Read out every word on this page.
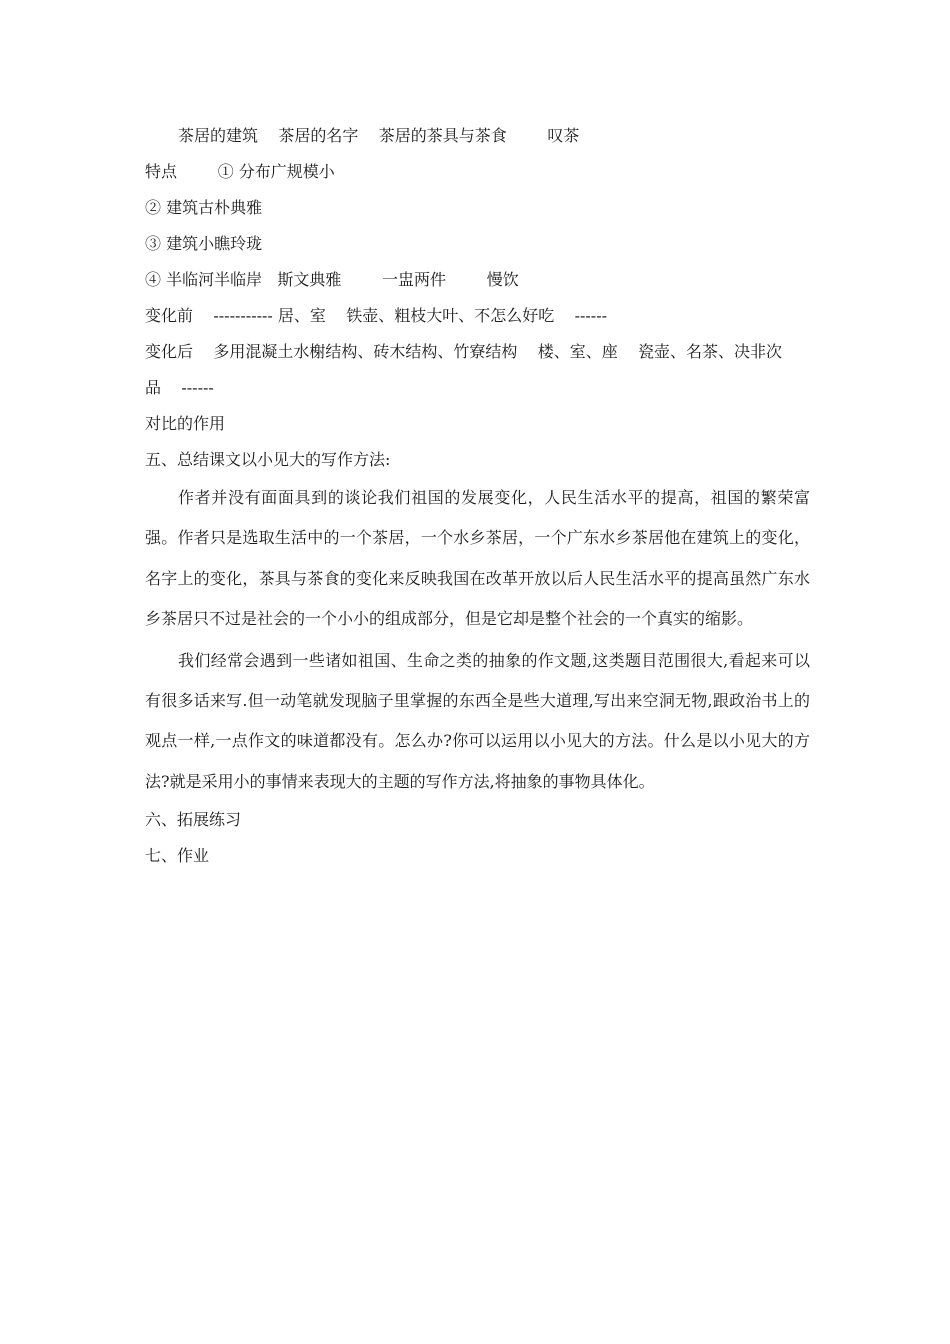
茶居的建筑    茶居的名字    茶居的茶具与茶食        叹茶
特点        ① 分布广规模小
② 建筑古朴典雅
③ 建筑小瞧玲珑
④ 半临河半临岸   斯文典雅        一盅两件        慢饮
变化前    ----------- 居、室    铁壶、粗枝大叶、不怎么好吃    ------
变化后    多用混凝土水榭结构、砖木结构、竹寮结构    楼、室、座    瓷壶、名茶、决非次
品    ------
对比的作用
五、总结课文以小见大的写作方法:

作者并没有面面具到的谈论我们祖国的发展变化，人民生活水平的提高，祖国的繁荣富强。作者只是选取生活中的一个茶居，一个水乡茶居，一个广东水乡茶居他在建筑上的变化，名字上的变化，茶具与茶食的变化来反映我国在改革开放以后人民生活水平的提高虽然广东水乡茶居只不过是社会的一个小小的组成部分，但是它却是整个社会的一个真实的缩影。

我们经常会遇到一些诸如祖国、生命之类的抽象的作文题,这类题目范围很大,看起来可以有很多话来写.但一动笔就发现脑子里掌握的东西全是些大道理,写出来空洞无物,跟政治书上的观点一样,一点作文的味道都没有。怎么办?你可以运用以小见大的方法。什么是以小见大的方法?就是采用小的事情来表现大的主题的写作方法,将抽象的事物具体化。

六、拓展练习
七、作业
